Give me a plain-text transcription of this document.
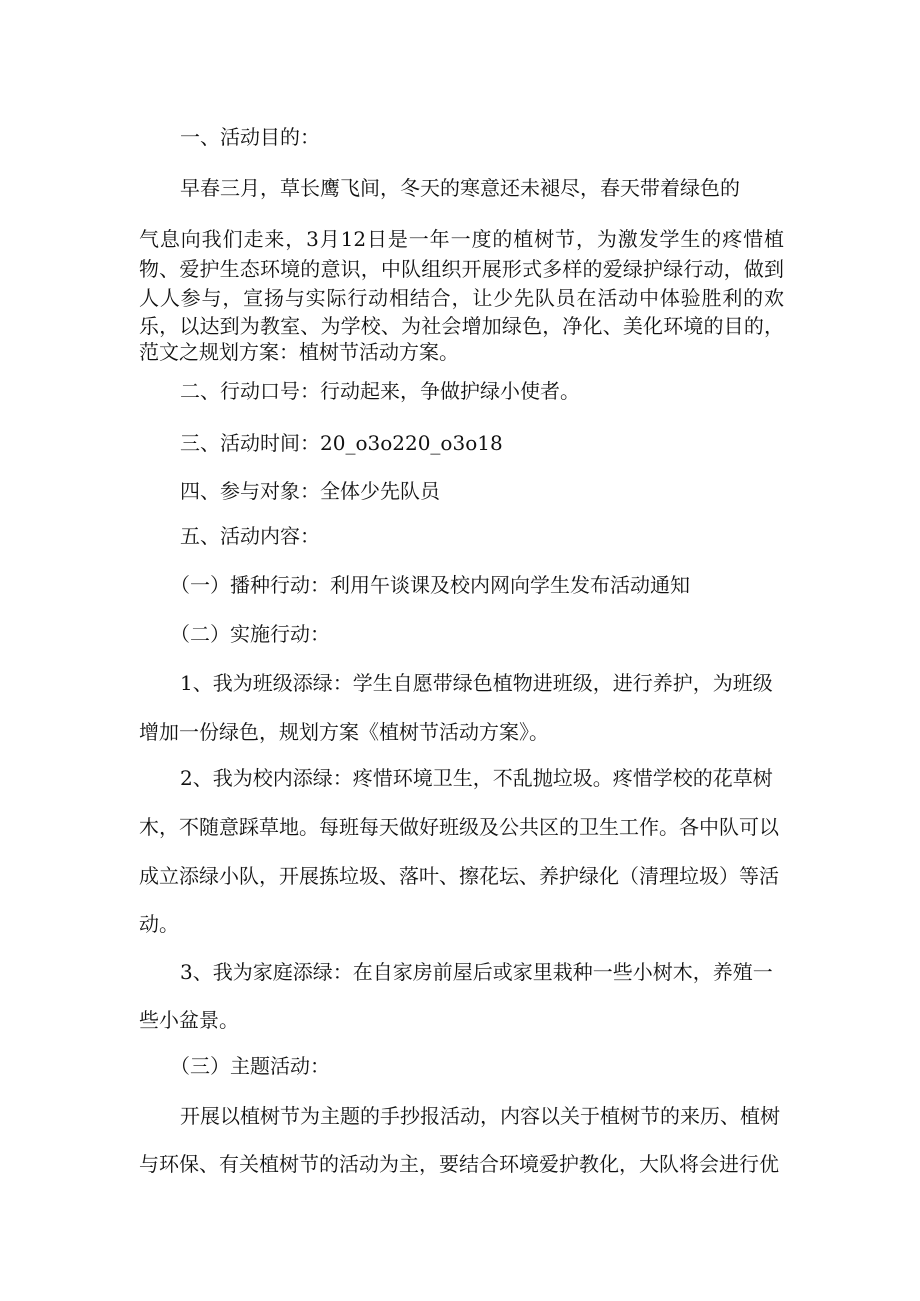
一、活动目的：

早春三月，草长鹰飞间，冬天的寒意还未褪尽，春天带着绿色的

气息向我们走来，3月12日是一年一度的植树节，为激发学生的疼惜植

物、爱护生态环境的意识，中队组织开展形式多样的爱绿护绿行动，做到

人人参与，宣扬与实际行动相结合，让少先队员在活动中体验胜利的欢

乐，以达到为教室、为学校、为社会增加绿色，净化、美化环境的目的，

范文之规划方案：植树节活动方案。

二、行动口号：行动起来，争做护绿小使者。

三、活动时间：20_o3o220_o3o18

四、参与对象：全体少先队员

五、活动内容：

（一）播种行动：利用午谈课及校内网向学生发布活动通知

（二）实施行动：

1、我为班级添绿：学生自愿带绿色植物进班级，进行养护，为班级

增加一份绿色，规划方案《植树节活动方案》。

2、我为校内添绿：疼惜环境卫生，不乱抛垃圾。疼惜学校的花草树

木，不随意踩草地。每班每天做好班级及公共区的卫生工作。各中队可以

成立添绿小队，开展拣垃圾、落叶、擦花坛、养护绿化（清理垃圾）等活

动。

3、我为家庭添绿：在自家房前屋后或家里栽种一些小树木，养殖一

些小盆景。

（三）主题活动：

开展以植树节为主题的手抄报活动，内容以关于植树节的来历、植树

与环保、有关植树节的活动为主，要结合环境爱护教化，大队将会进行优
